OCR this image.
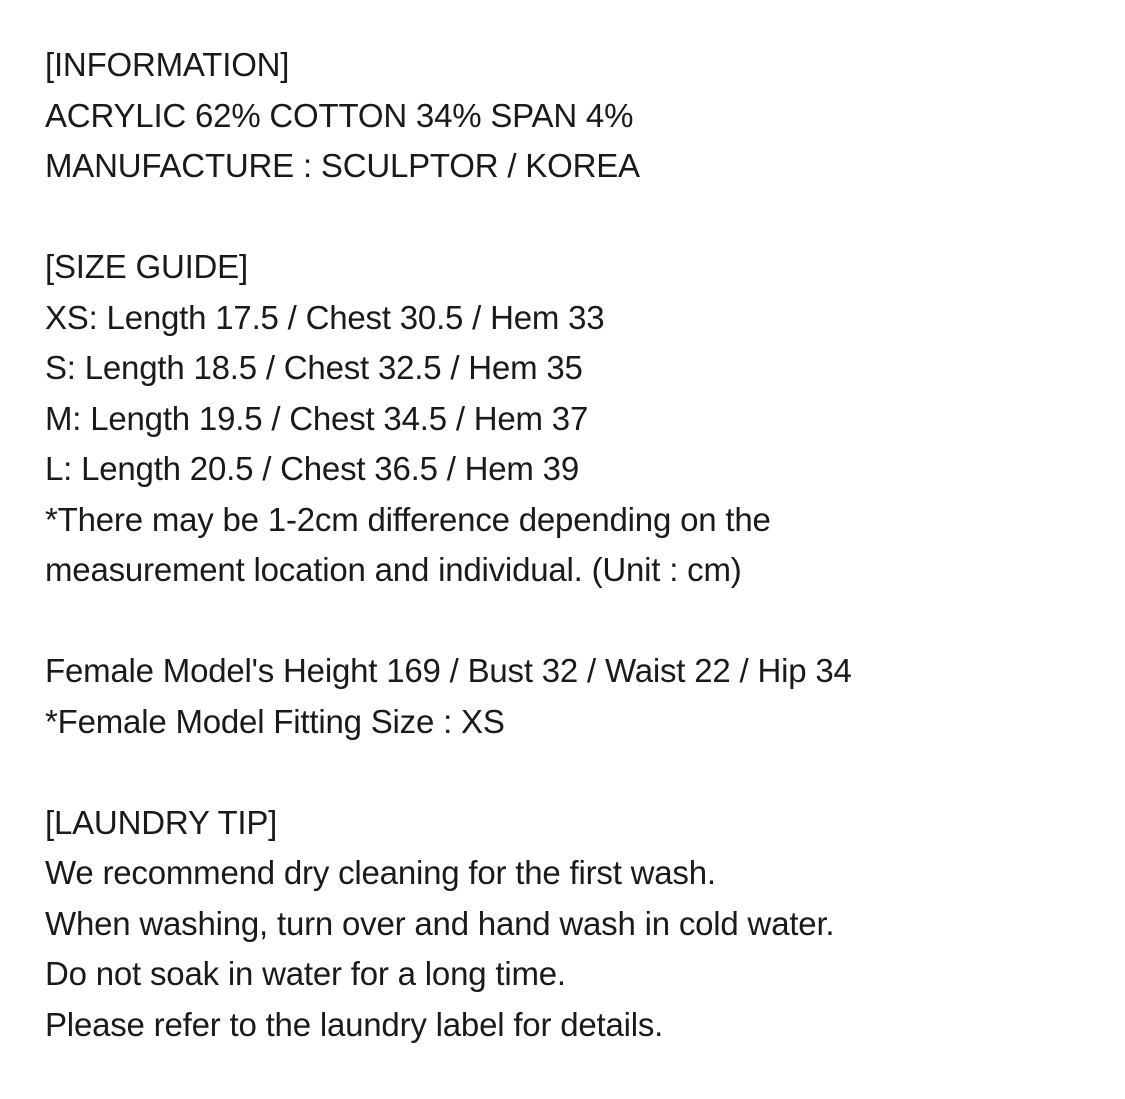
[INFORMATION]
ACRYLIC 62% COTTON 34% SPAN 4%
MANUFACTURE : SCULPTOR / KOREA
[SIZE GUIDE]
XS: Length 17.5 / Chest 30.5 / Hem 33
S: Length 18.5 / Chest 32.5 / Hem 35
M: Length 19.5 / Chest 34.5 / Hem 37
L: Length 20.5 / Chest 36.5 / Hem 39
*There may be 1-2cm difference depending on the
measurement location and individual. (Unit : cm)
Female Model's Height 169 / Bust 32 / Waist 22 / Hip 34
*Female Model Fitting Size : XS
[LAUNDRY TIP]
We recommend dry cleaning for the first wash.
When washing, turn over and hand wash in cold water.
Do not soak in water for a long time.
Please refer to the laundry label for details.
